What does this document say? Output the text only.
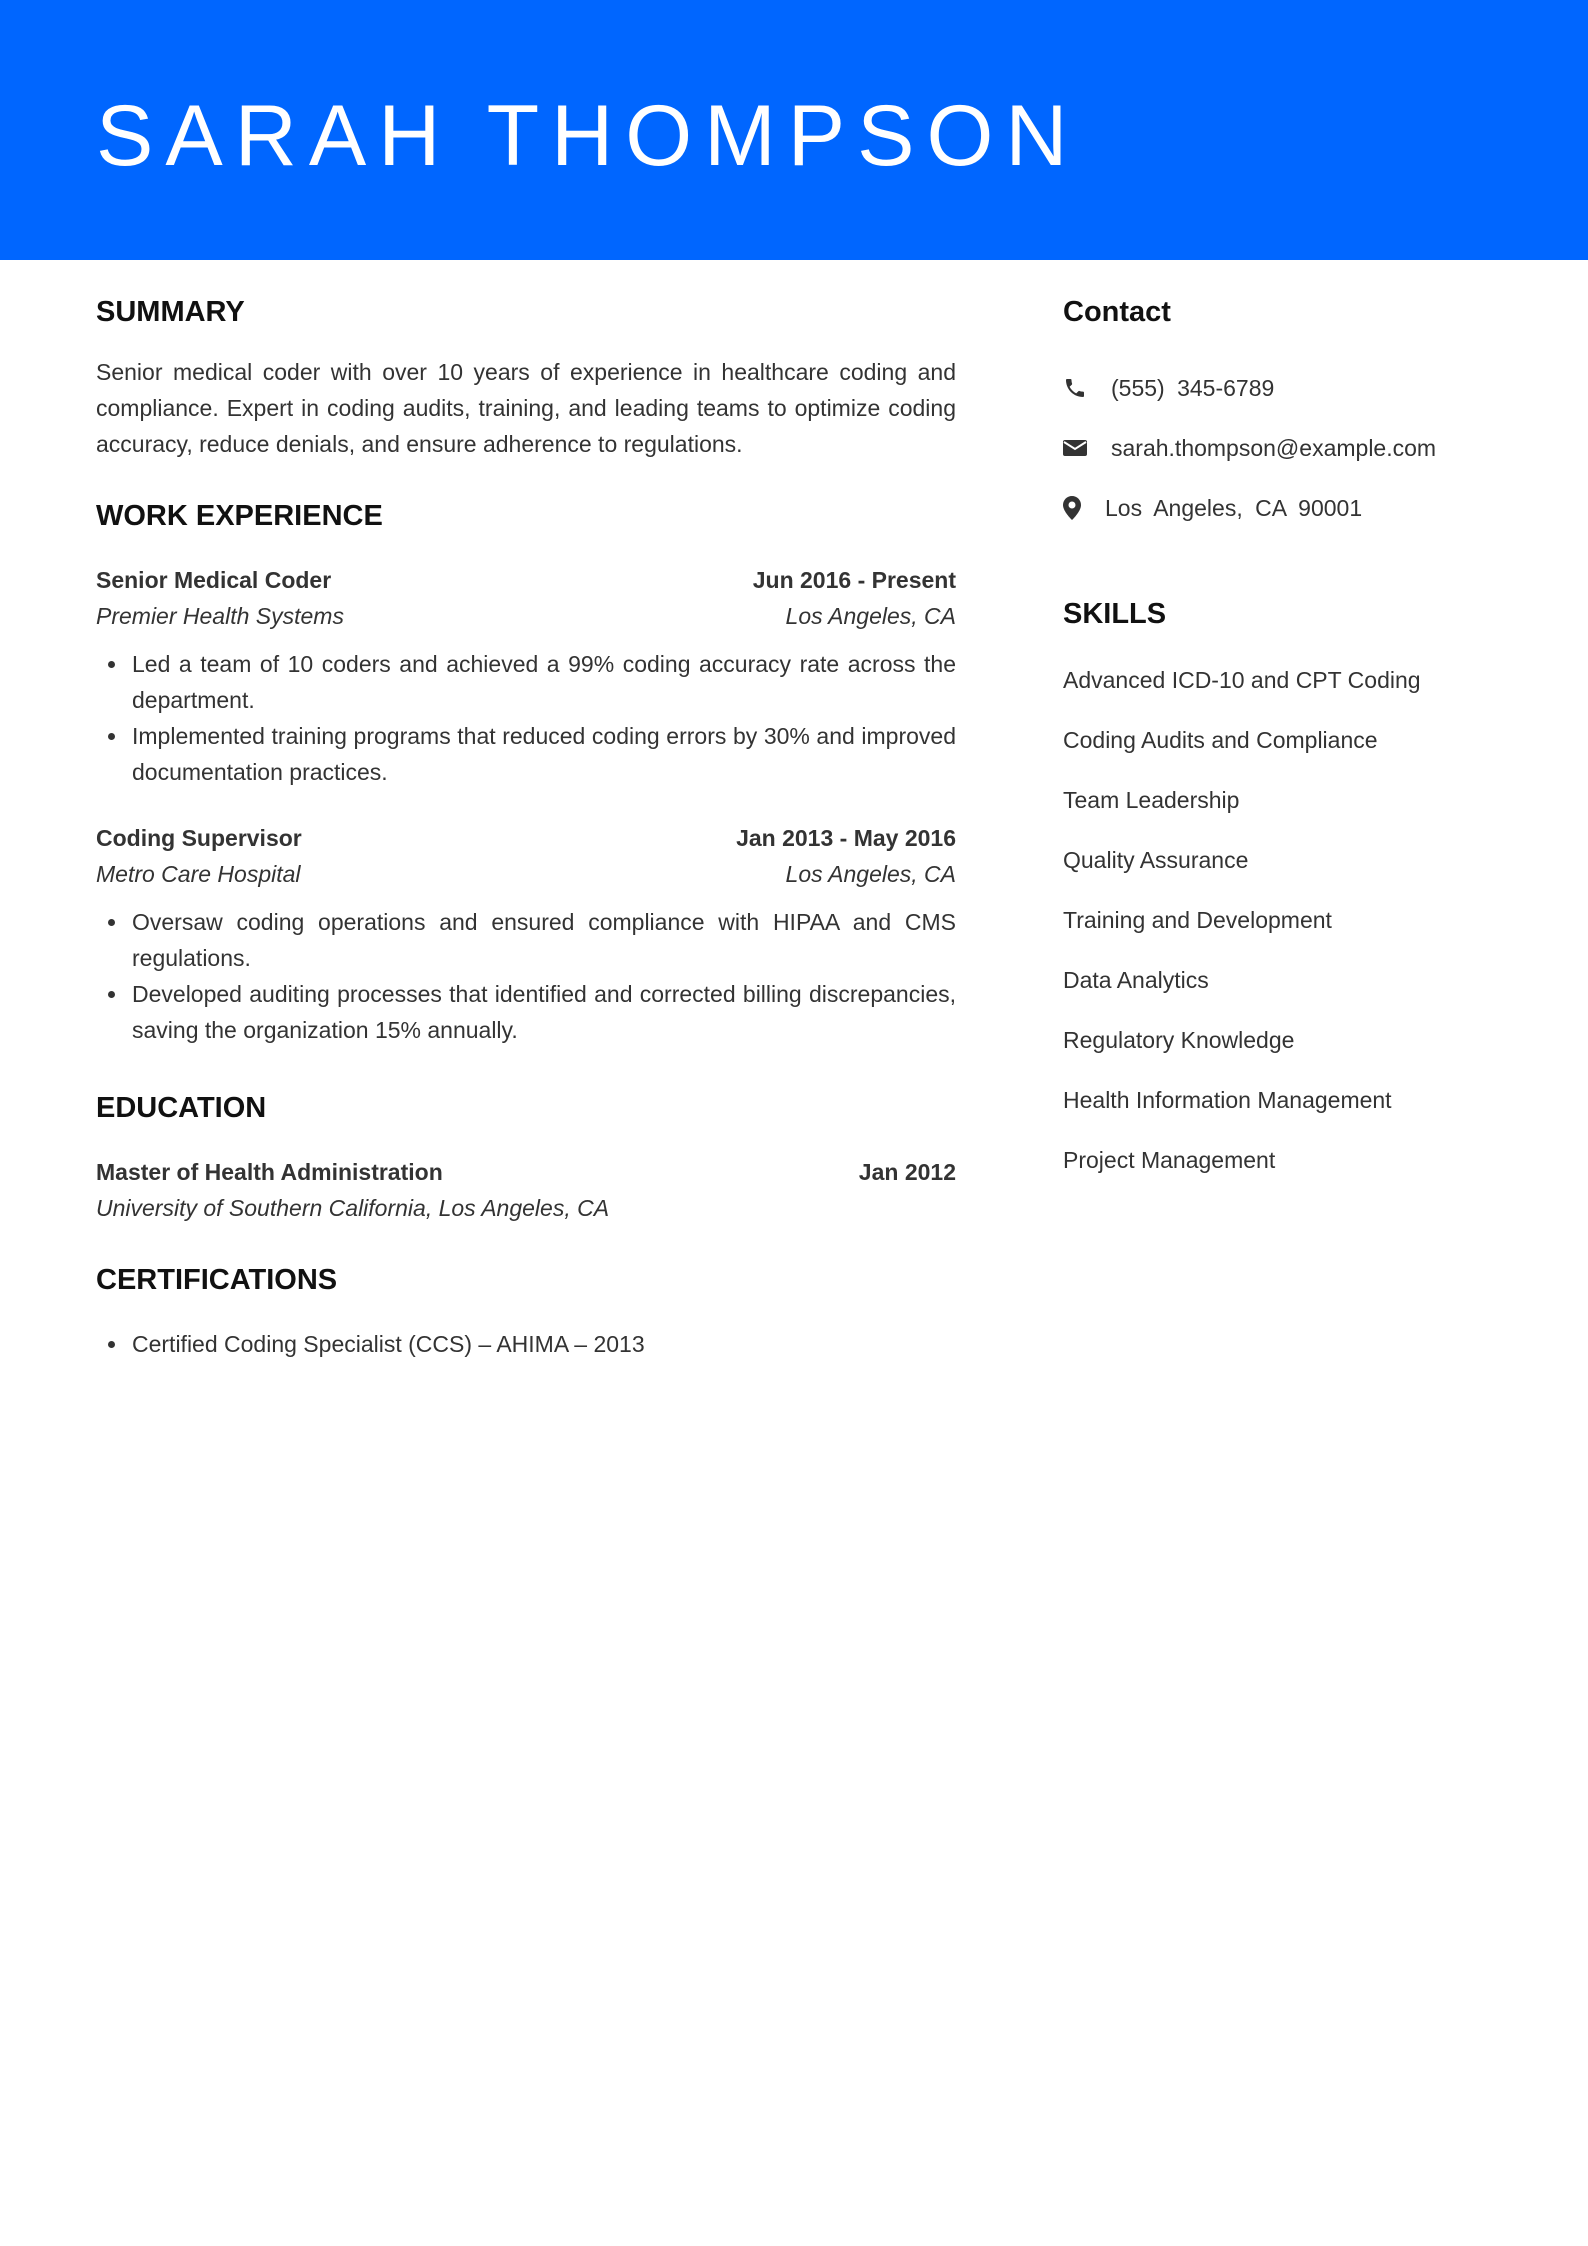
SARAH THOMPSON
SUMMARY

Senior medical coder with over 10 years of experience in healthcare coding and compliance. Expert in coding audits, training, and leading teams to optimize coding accuracy, reduce denials, and ensure adherence to regulations.

WORK EXPERIENCE
Senior Medical Coder	Jun 2016 - Present
Premier Health Systems	Los Angeles, CA
Led a team of 10 coders and achieved a 99% coding accuracy rate across the department.
Implemented training programs that reduced coding errors by 30% and improved documentation practices.
Coding Supervisor	Jan 2013 - May 2016
Metro Care Hospital	Los Angeles, CA
Oversaw coding operations and ensured compliance with HIPAA and CMS regulations.
Developed auditing processes that identified and corrected billing discrepancies, saving the organization 15% annually.
EDUCATION
Master of Health Administration	Jan 2012
University of Southern California, Los Angeles, CA
CERTIFICATIONS
Certified Coding Specialist (CCS) – AHIMA – 2013
Contact
(555) 345-6789
sarah.thompson@example.com
Los Angeles, CA 90001
SKILLS
Advanced ICD-10 and CPT Coding
Coding Audits and Compliance
Team Leadership
Quality Assurance
Training and Development
Data Analytics
Regulatory Knowledge
Health Information Management
Project Management
